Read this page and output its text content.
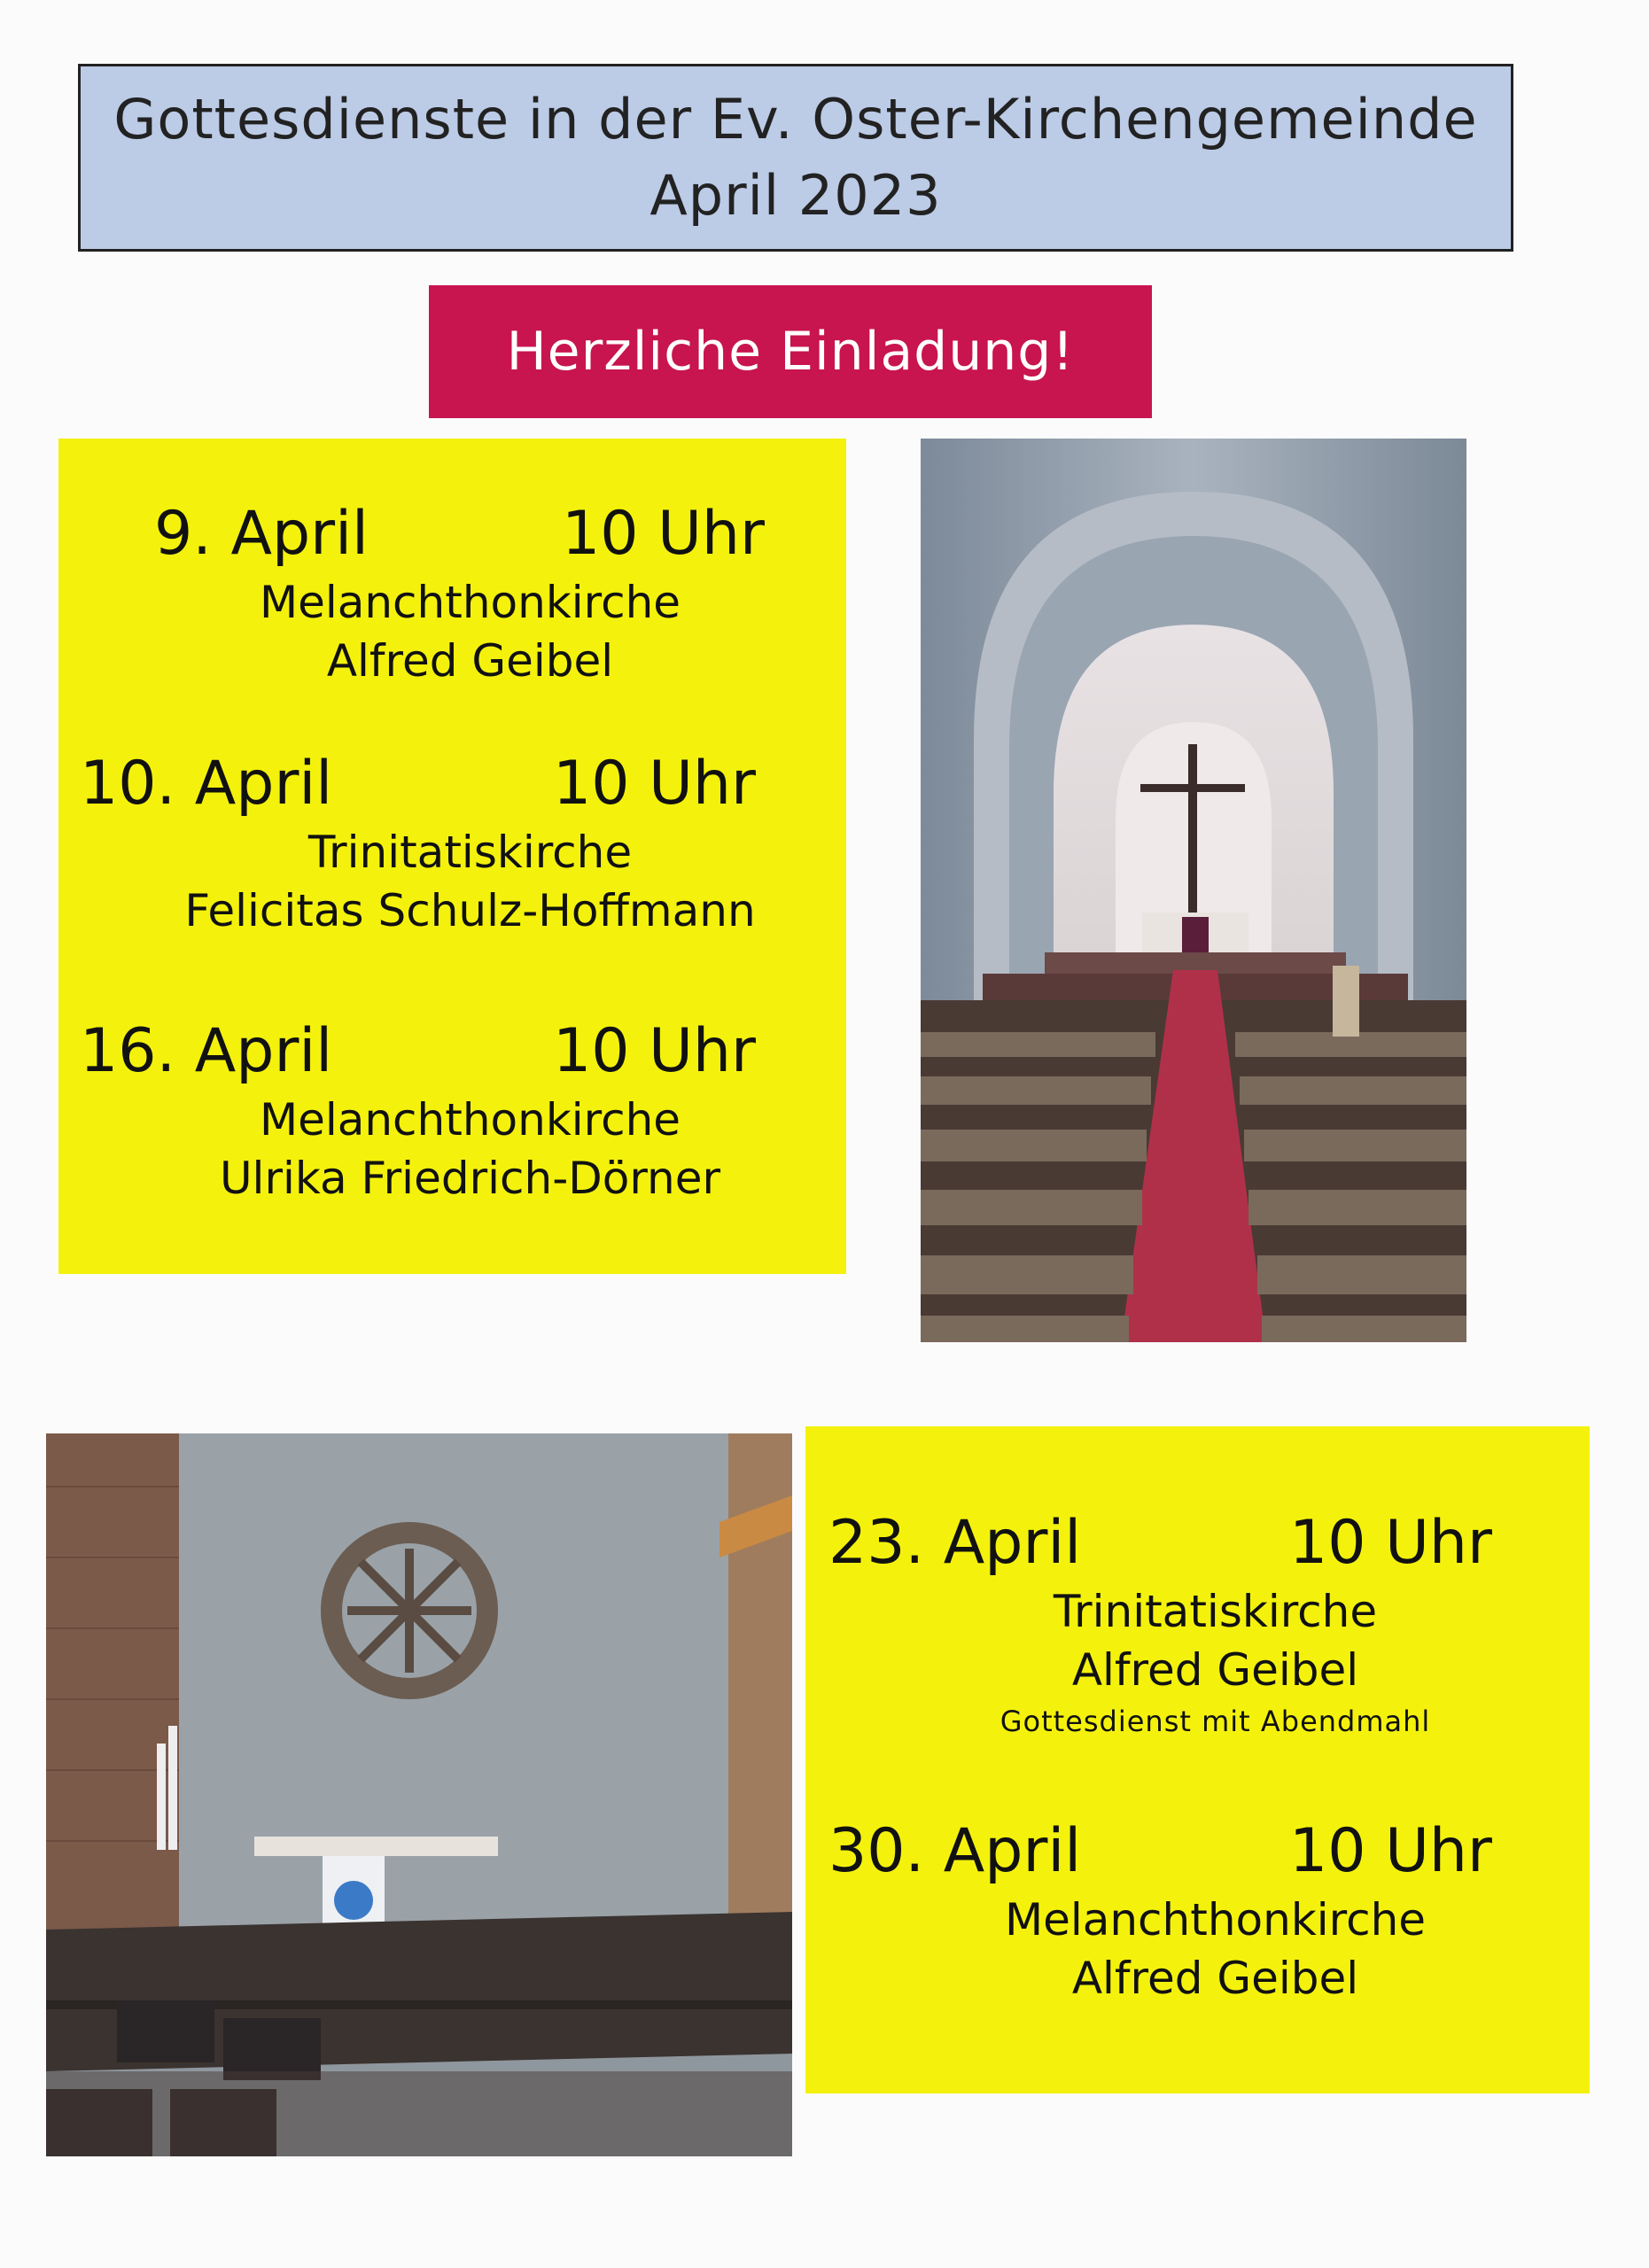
Gottesdienste in der Ev. Oster-Kirchengemeinde
April 2023
Herzliche Einladung!
9. April	10 Uhr
Melanchthonkirche
Alfred Geibel
10. April	10 Uhr
Trinitatiskirche
Felicitas Schulz-Hoffmann
16. April	10 Uhr
Melanchthonkirche
Ulrika Friedrich-Dörner
23. April	10 Uhr
Trinitatiskirche
Alfred Geibel
Gottesdienst mit Abendmahl
30. April	10 Uhr
Melanchthonkirche
Alfred Geibel
